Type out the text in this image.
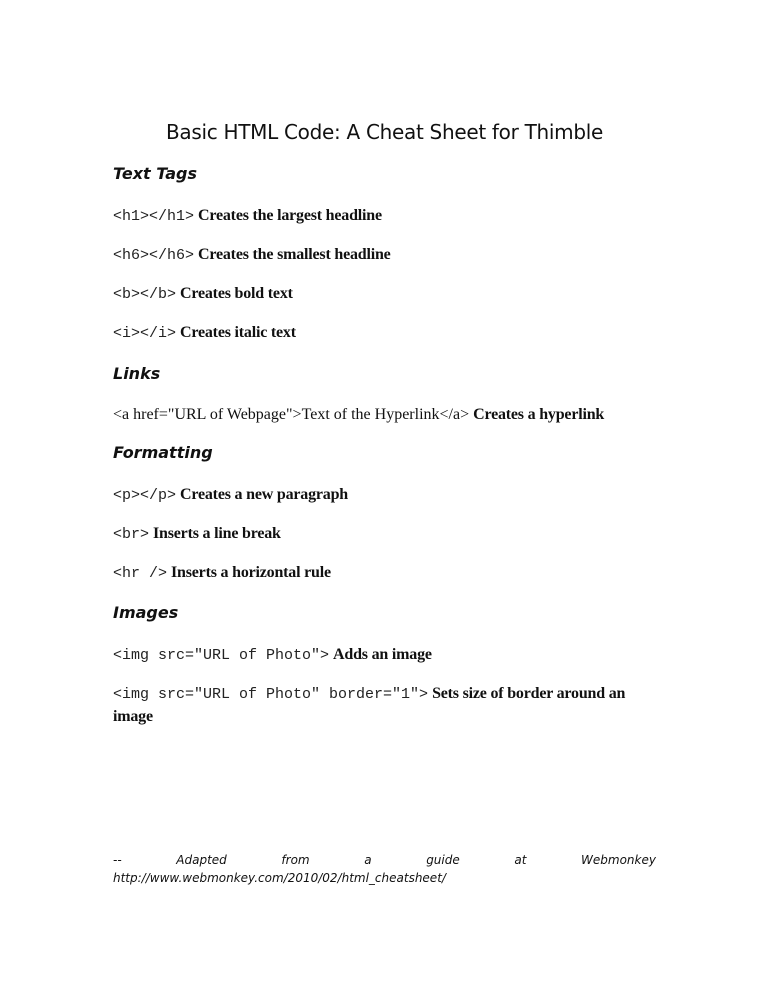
Basic HTML Code: A Cheat Sheet for Thimble
Text Tags
<h1></h1> Creates the largest headline
<h6></h6> Creates the smallest headline
<b></b> Creates bold text
<i></i> Creates italic text
Links
<a href="URL of Webpage">Text of the Hyperlink</a> Creates a hyperlink
Formatting
<p></p> Creates a new paragraph
<br> Inserts a line break
<hr /> Inserts a horizontal rule
Images
<img src="URL of Photo"> Adds an image
<img src="URL of Photo" border="1"> Sets size of border around an image
--	Adapted	from	a	guide	at	Webmonkey
http://www.webmonkey.com/2010/02/html_cheatsheet/
